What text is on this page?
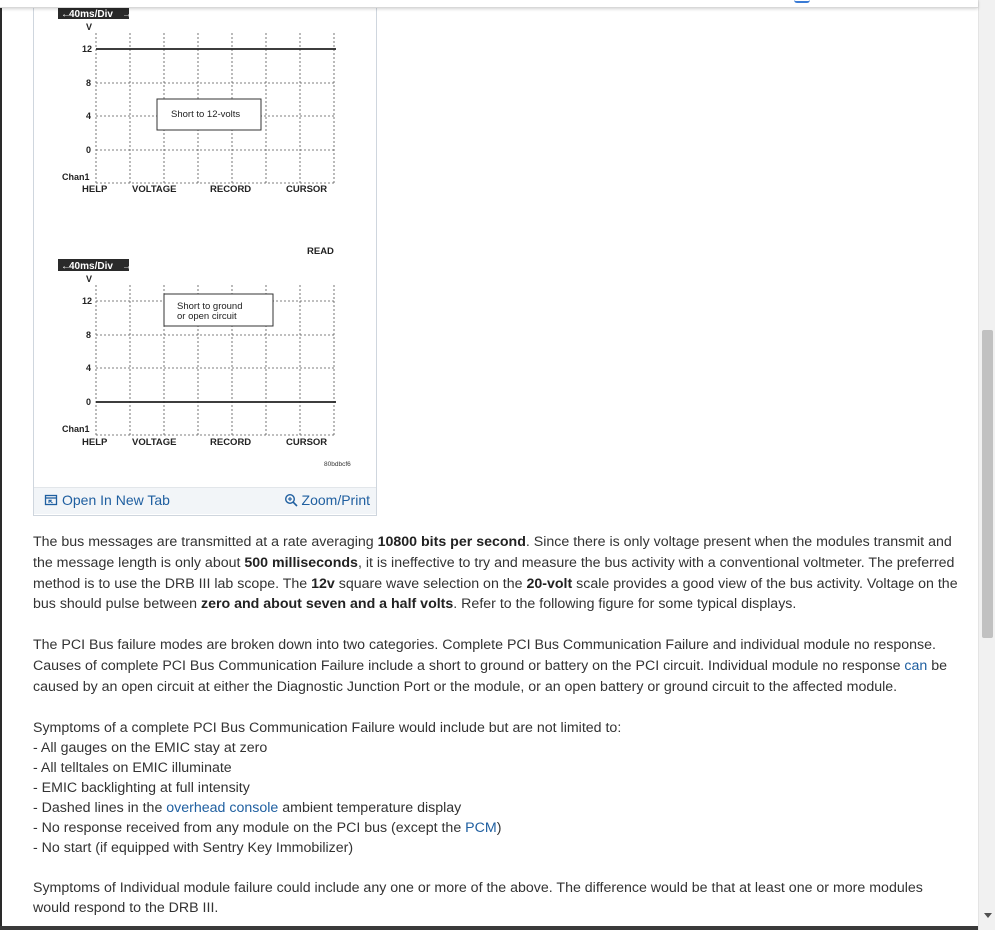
←
40ms/Div →
V
12
8
4
0
Short to 12-volts
Chan1
HELP	VOLTAGE	RECORD	CURSOR
READ
←
40ms/Div →
V
12
8
4
0
Short to ground
or open circuit
Chan1
HELP	VOLTAGE	RECORD	CURSOR
80bdbcf6
Open In New Tab	Zoom/Print

The bus messages are transmitted at a rate averaging 10800 bits per second. Since there is only voltage present when the modules transmit and the message length is only about 500 milliseconds, it is ineffective to try and measure the bus activity with a conventional voltmeter. The preferred method is to use the DRB III lab scope. The 12v square wave selection on the 20-volt scale provides a good view of the bus activity. Voltage on the bus should pulse between zero and about seven and a half volts. Refer to the following figure for some typical displays.

The PCI Bus failure modes are broken down into two categories. Complete PCI Bus Communication Failure and individual module no response. Causes of complete PCI Bus Communication Failure include a short to ground or battery on the PCI circuit. Individual module no response can be caused by an open circuit at either the Diagnostic Junction Port or the module, or an open battery or ground circuit to the affected module.

Symptoms of a complete PCI Bus Communication Failure would include but are not limited to:
- All gauges on the EMIC stay at zero
- All telltales on EMIC illuminate
- EMIC backlighting at full intensity
- Dashed lines in the overhead console ambient temperature display
- No response received from any module on the PCI bus (except the PCM)
- No start (if equipped with Sentry Key Immobilizer)

Symptoms of Individual module failure could include any one or more of the above. The difference would be that at least one or more modules would respond to the DRB III.
